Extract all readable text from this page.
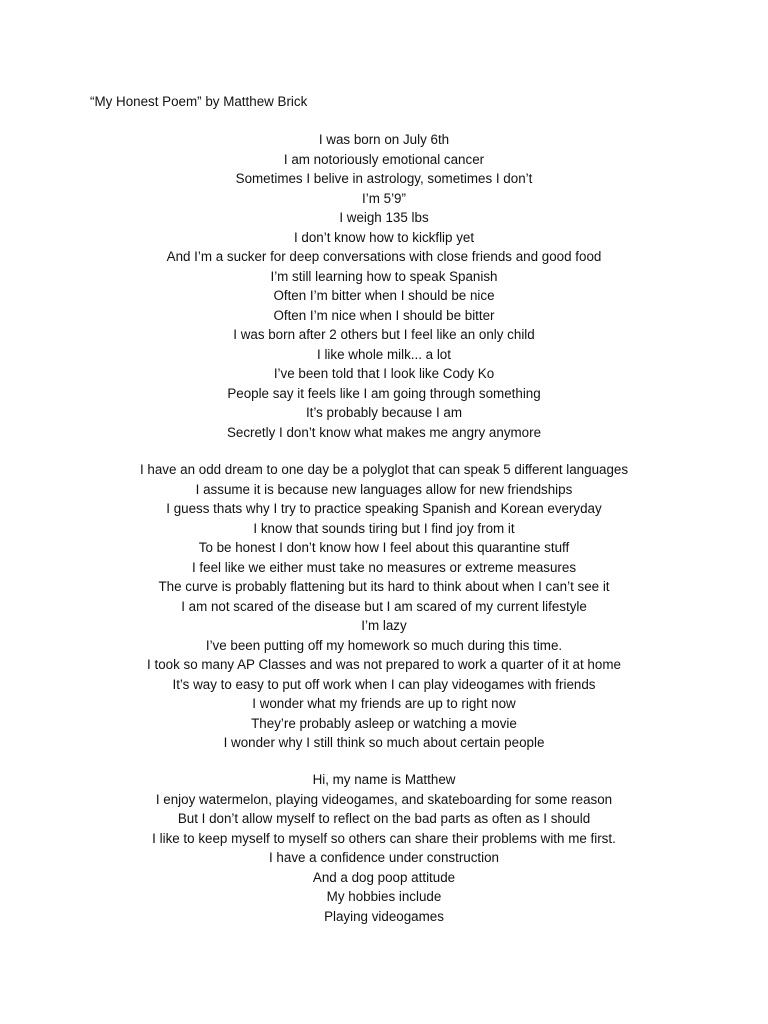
“My Honest Poem” by Matthew Brick
I was born on July 6th
I am notoriously emotional cancer
Sometimes I belive in astrology, sometimes I don’t
I’m 5’9”
I weigh 135 lbs
I don’t know how to kickflip yet
And I’m a sucker for deep conversations with close friends and good food
I’m still learning how to speak Spanish
Often I’m bitter when I should be nice
Often I’m nice when I should be bitter
I was born after 2 others but I feel like an only child
I like whole milk... a lot
I’ve been told that I look like Cody Ko
People say it feels like I am going through something
It’s probably because I am
Secretly I don’t know what makes me angry anymore
I have an odd dream to one day be a polyglot that can speak 5 different languages
I assume it is because new languages allow for new friendships
I guess thats why I try to practice speaking Spanish and Korean everyday
I know that sounds tiring but I find joy from it
To be honest I don’t know how I feel about this quarantine stuff
I feel like we either must take no measures or extreme measures
The curve is probably flattening but its hard to think about when I can’t see it
I am not scared of the disease but I am scared of my current lifestyle
I’m lazy
I’ve been putting off my homework so much during this time.
I took so many AP Classes and was not prepared to work a quarter of it at home
It’s way to easy to put off work when I can play videogames with friends
I wonder what my friends are up to right now
They’re probably asleep or watching a movie
I wonder why I still think so much about certain people
Hi, my name is Matthew
I enjoy watermelon, playing videogames, and skateboarding for some reason
But I don’t allow myself to reflect on the bad parts as often as I should
I like to keep myself to myself so others can share their problems with me first.
I have a confidence under construction
And a dog poop attitude
My hobbies include
Playing videogames
